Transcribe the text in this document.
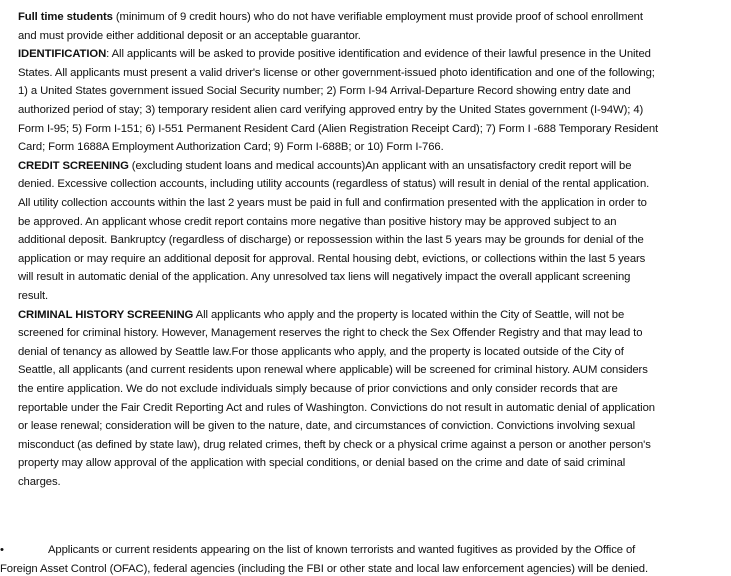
Full time students (minimum of 9 credit hours) who do not have verifiable employment must provide proof of school enrollment
and must provide either additional deposit or an acceptable guarantor.
IDENTIFICATION: All applicants will be asked to provide positive identification and evidence of their lawful presence in the United
States. All applicants must present a valid driver's license or other government-issued photo identification and one of the following;
1) a United States government issued Social Security number; 2) Form I-94 Arrival-Departure Record showing entry date and
authorized period of stay; 3) temporary resident alien card verifying approved entry by the United States government (I-94W); 4)
Form I-95; 5) Form I-151; 6) I-551 Permanent Resident Card (Alien Registration Receipt Card); 7) Form I -688 Temporary Resident
Card; Form 1688A Employment Authorization Card; 9) Form I-688B; or 10) Form I-766.
CREDIT SCREENING (excluding student loans and medical accounts)An applicant with an unsatisfactory credit report will be
denied. Excessive collection accounts, including utility accounts (regardless of status) will result in denial of the rental application.
All utility collection accounts within the last 2 years must be paid in full and confirmation presented with the application in order to
be approved. An applicant whose credit report contains more negative than positive history may be approved subject to an
additional deposit. Bankruptcy (regardless of discharge) or repossession within the last 5 years may be grounds for denial of the
application or may require an additional deposit for approval. Rental housing debt, evictions, or collections within the last 5 years
will result in automatic denial of the application. Any unresolved tax liens will negatively impact the overall applicant screening
result.
CRIMINAL HISTORY SCREENING All applicants who apply and the property is located within the City of Seattle, will not be
screened for criminal history. However, Management reserves the right to check the Sex Offender Registry and that may lead to
denial of tenancy as allowed by Seattle law.For those applicants who apply, and the property is located outside of the City of
Seattle, all applicants (and current residents upon renewal where applicable) will be screened for criminal history. AUM considers
the entire application. We do not exclude individuals simply because of prior convictions and only consider records that are
reportable under the Fair Credit Reporting Act and rules of Washington. Convictions do not result in automatic denial of application
or lease renewal; consideration will be given to the nature, date, and circumstances of conviction. Convictions involving sexual
misconduct (as defined by state law), drug related crimes, theft by check or a physical crime against a person or another person's
property may allow approval of the application with special conditions, or denial based on the crime and date of said criminal
charges.
•	Applicants or current residents appearing on the list of known terrorists and wanted fugitives as provided by the Office of
Foreign Asset Control (OFAC), federal agencies (including the FBI or other state and local law enforcement agencies) will be denied.
